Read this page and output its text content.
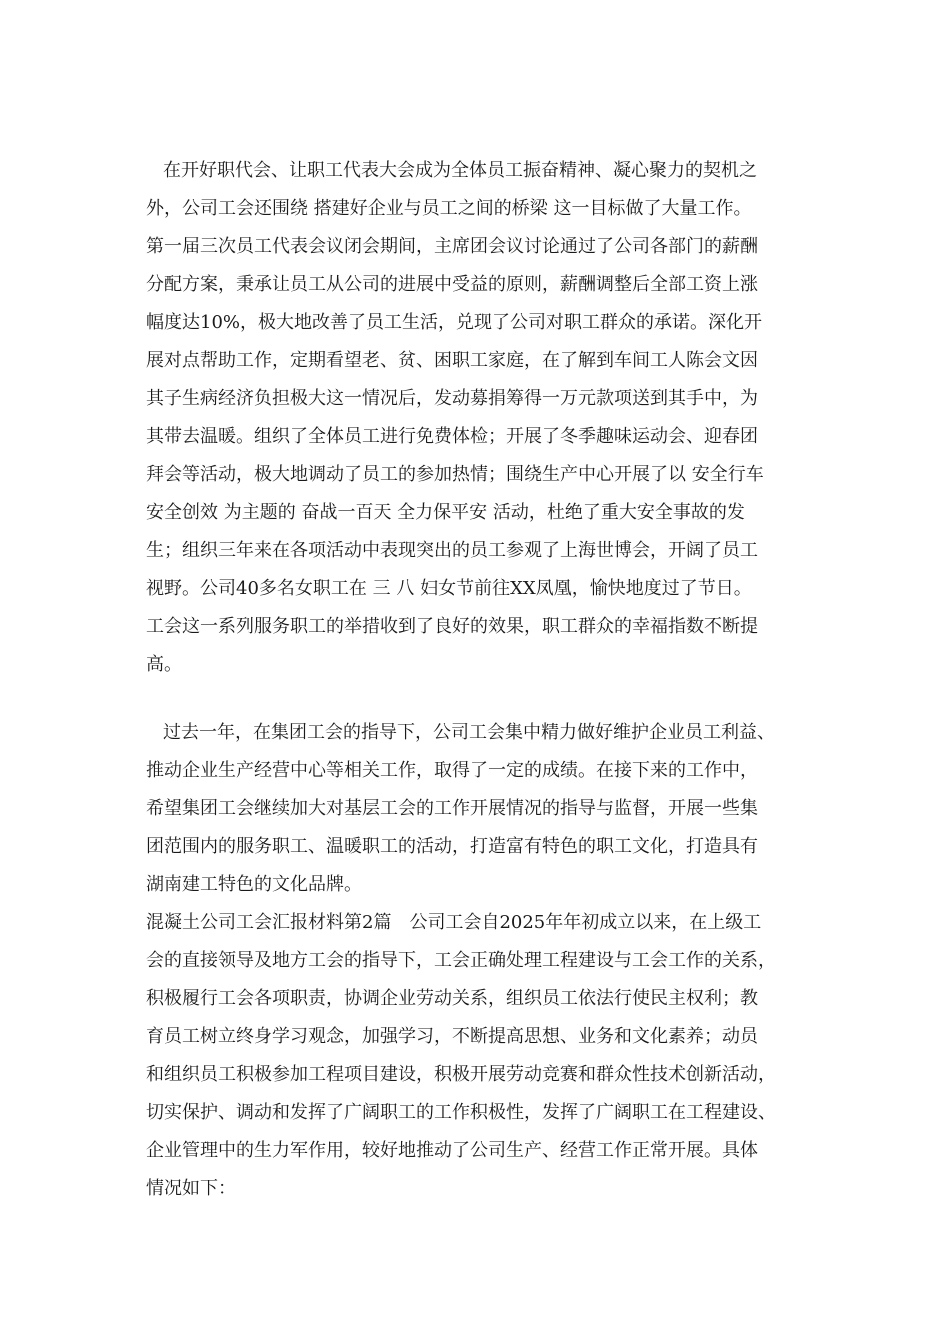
在开好职代会、让职工代表大会成为全体员工振奋精神、凝心聚力的契机之
外，公司工会还围绕 搭建好企业与员工之间的桥梁 这一目标做了大量工作。
第一届三次员工代表会议闭会期间，主席团会议讨论通过了公司各部门的薪酬
分配方案，秉承让员工从公司的进展中受益的原则，薪酬调整后全部工资上涨
幅度达10%，极大地改善了员工生活，兑现了公司对职工群众的承诺。深化开
展对点帮助工作，定期看望老、贫、困职工家庭，在了解到车间工人陈会文因
其子生病经济负担极大这一情况后，发动募捐筹得一万元款项送到其手中，为
其带去温暖。组织了全体员工进行免费体检；开展了冬季趣味运动会、迎春团
拜会等活动，极大地调动了员工的参加热情；围绕生产中心开展了以 安全行车
安全创效 为主题的 奋战一百天 全力保平安 活动，杜绝了重大安全事故的发
生；组织三年来在各项活动中表现突出的员工参观了上海世博会，开阔了员工
视野。公司40多名女职工在 三 八 妇女节前往XX凤凰，愉快地度过了节日。
工会这一系列服务职工的举措收到了良好的效果，职工群众的幸福指数不断提
高。
过去一年，在集团工会的指导下，公司工会集中精力做好维护企业员工利益、
推动企业生产经营中心等相关工作，取得了一定的成绩。在接下来的工作中，
希望集团工会继续加大对基层工会的工作开展情况的指导与监督，开展一些集
团范围内的服务职工、温暖职工的活动，打造富有特色的职工文化，打造具有
湖南建工特色的文化品牌。
混凝土公司工会汇报材料第2篇　公司工会自2025年年初成立以来，在上级工
会的直接领导及地方工会的指导下，工会正确处理工程建设与工会工作的关系，
积极履行工会各项职责，协调企业劳动关系，组织员工依法行使民主权利；教
育员工树立终身学习观念，加强学习，不断提高思想、业务和文化素养；动员
和组织员工积极参加工程项目建设，积极开展劳动竞赛和群众性技术创新活动，
切实保护、调动和发挥了广阔职工的工作积极性，发挥了广阔职工在工程建设、
企业管理中的生力军作用，较好地推动了公司生产、经营工作正常开展。具体
情况如下：
